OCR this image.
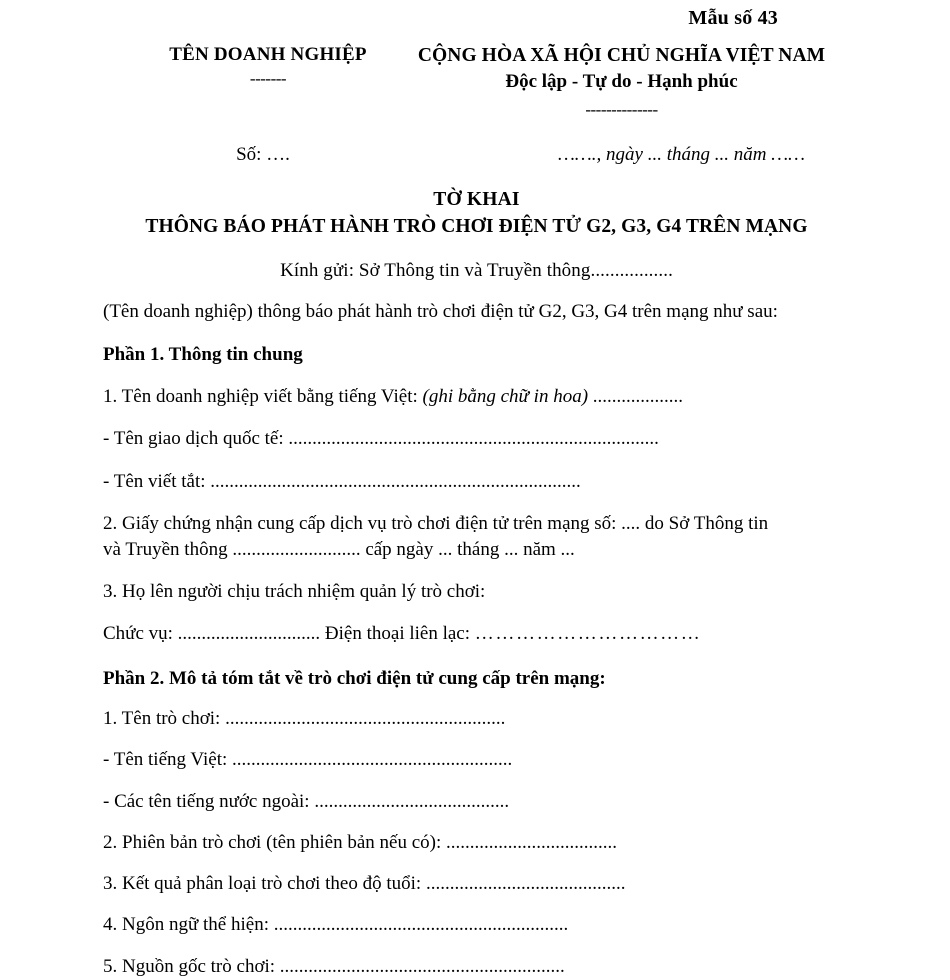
Mẫu số 43
TÊN DOANH NGHIỆP
-------
CỘNG HÒA XÃ HỘI CHỦ NGHĨA VIỆT NAM
Độc lập - Tự do - Hạnh phúc
--------------
Số: ….	……., ngày ... tháng ... năm ……
TỜ KHAI
THÔNG BÁO PHÁT HÀNH TRÒ CHƠI ĐIỆN TỬ G2, G3, G4 TRÊN MẠNG
Kính gửi: Sở Thông tin và Truyền thông.................
(Tên doanh nghiệp) thông báo phát hành trò chơi điện tử G2, G3, G4 trên mạng như sau:
Phần 1. Thông tin chung
1. Tên doanh nghiệp viết bằng tiếng Việt: (ghi bằng chữ in hoa) ...................
- Tên giao dịch quốc tế: ..............................................................................
- Tên viết tắt: ..............................................................................
2. Giấy chứng nhận cung cấp dịch vụ trò chơi điện tử trên mạng số: .... do Sở Thông tin
và Truyền thông ........................... cấp ngày ... tháng ... năm ...
3. Họ lên người chịu trách nhiệm quản lý trò chơi:
Chức vụ: .............................. Điện thoại liên lạc: ……………………………
Phần 2. Mô tả tóm tắt về trò chơi điện tử cung cấp trên mạng:
1. Tên trò chơi: ...........................................................
- Tên tiếng Việt: ...........................................................
- Các tên tiếng nước ngoài: .........................................
2. Phiên bản trò chơi (tên phiên bản nếu có): ....................................
3. Kết quả phân loại trò chơi theo độ tuổi: ..........................................
4. Ngôn ngữ thể hiện: ..............................................................
5. Nguồn gốc trò chơi: ............................................................
